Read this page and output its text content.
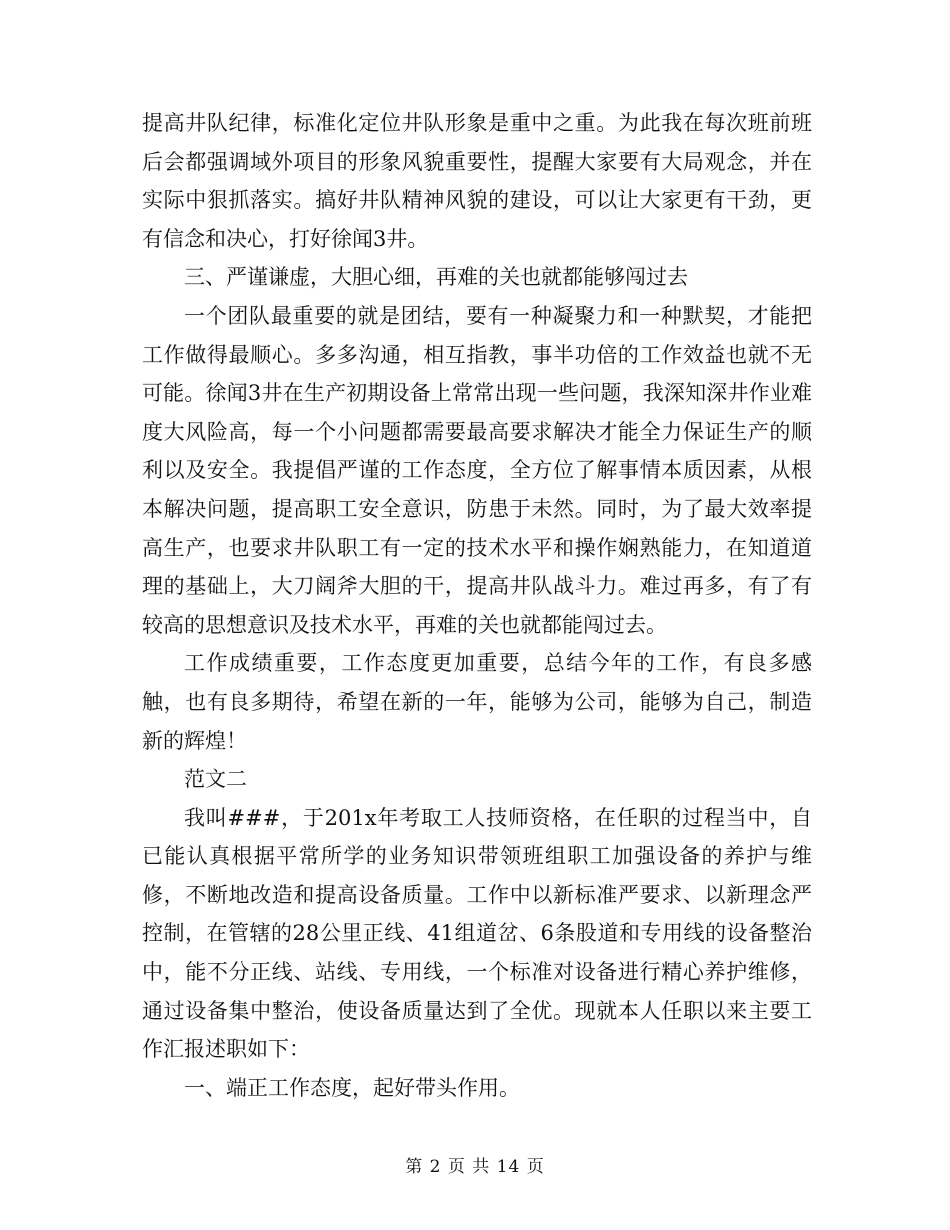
提高井队纪律，标准化定位井队形象是重中之重。为此我在每次班前班后会都强调域外项目的形象风貌重要性，提醒大家要有大局观念，并在实际中狠抓落实。搞好井队精神风貌的建设，可以让大家更有干劲，更有信念和决心，打好徐闻3井。

三、严谨谦虚，大胆心细，再难的关也就都能够闯过去

一个团队最重要的就是团结，要有一种凝聚力和一种默契，才能把工作做得最顺心。多多沟通，相互指教，事半功倍的工作效益也就不无可能。徐闻3井在生产初期设备上常常出现一些问题，我深知深井作业难度大风险高，每一个小问题都需要最高要求解决才能全力保证生产的顺利以及安全。我提倡严谨的工作态度，全方位了解事情本质因素，从根本解决问题，提高职工安全意识，防患于未然。同时，为了最大效率提高生产，也要求井队职工有一定的技术水平和操作娴熟能力，在知道道理的基础上，大刀阔斧大胆的干，提高井队战斗力。难过再多，有了有较高的思想意识及技术水平，再难的关也就都能闯过去。

工作成绩重要，工作态度更加重要，总结今年的工作，有良多感触，也有良多期待，希望在新的一年，能够为公司，能够为自己，制造新的辉煌！

范文二

我叫###，于201x年考取工人技师资格，在任职的过程当中，自已能认真根据平常所学的业务知识带领班组职工加强设备的养护与维修，不断地改造和提高设备质量。工作中以新标准严要求、以新理念严控制，在管辖的28公里正线、41组道岔、6条股道和专用线的设备整治中，能不分正线、站线、专用线，一个标准对设备进行精心养护维修，通过设备集中整治，使设备质量达到了全优。现就本人任职以来主要工作汇报述职如下：

一、端正工作态度，起好带头作用。

第 2 页 共 14 页
